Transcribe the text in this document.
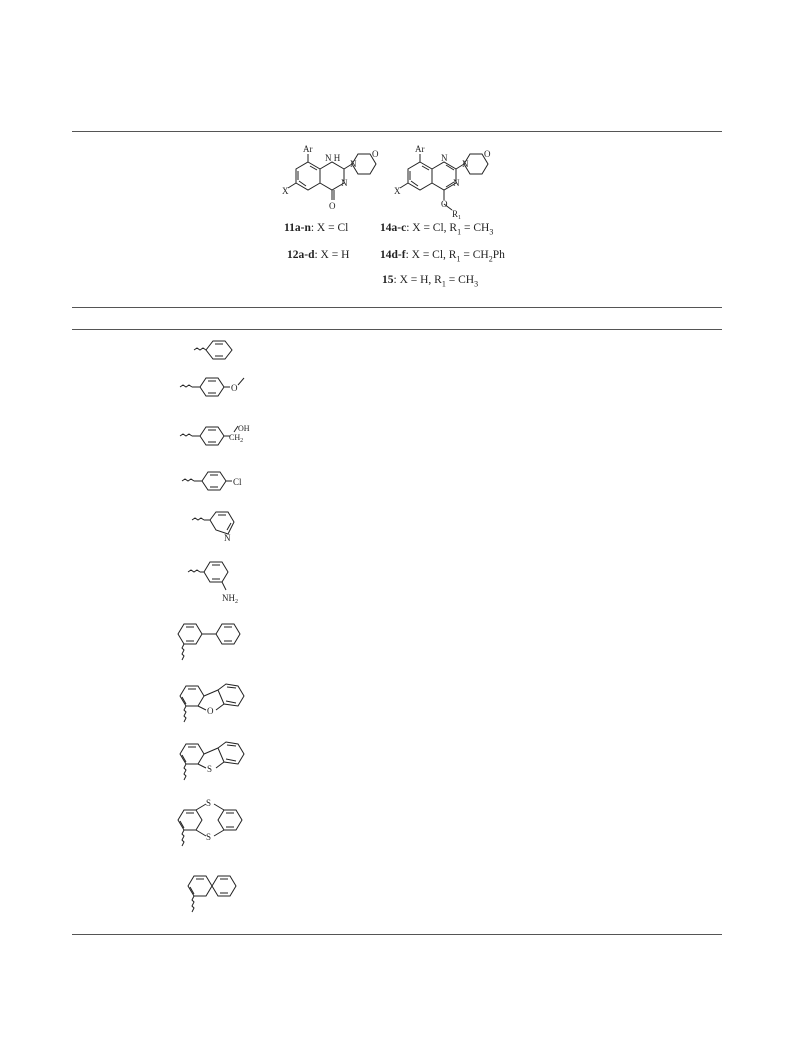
Ar
X
N H
N
O
N
O	Ar
X
N
N
O
$R_1$
N
O
11a-n: X = Cl
12a-d: X = H
14a-c: X = Cl, $R_1 = CH_3$
14d-f: X = Cl, $R_1 = CH_2Ph$
15: X = H, $R_1 = CH_3$
O
OH
$CH_2$
Cl
N
$NH_2$
O
S
S
S
